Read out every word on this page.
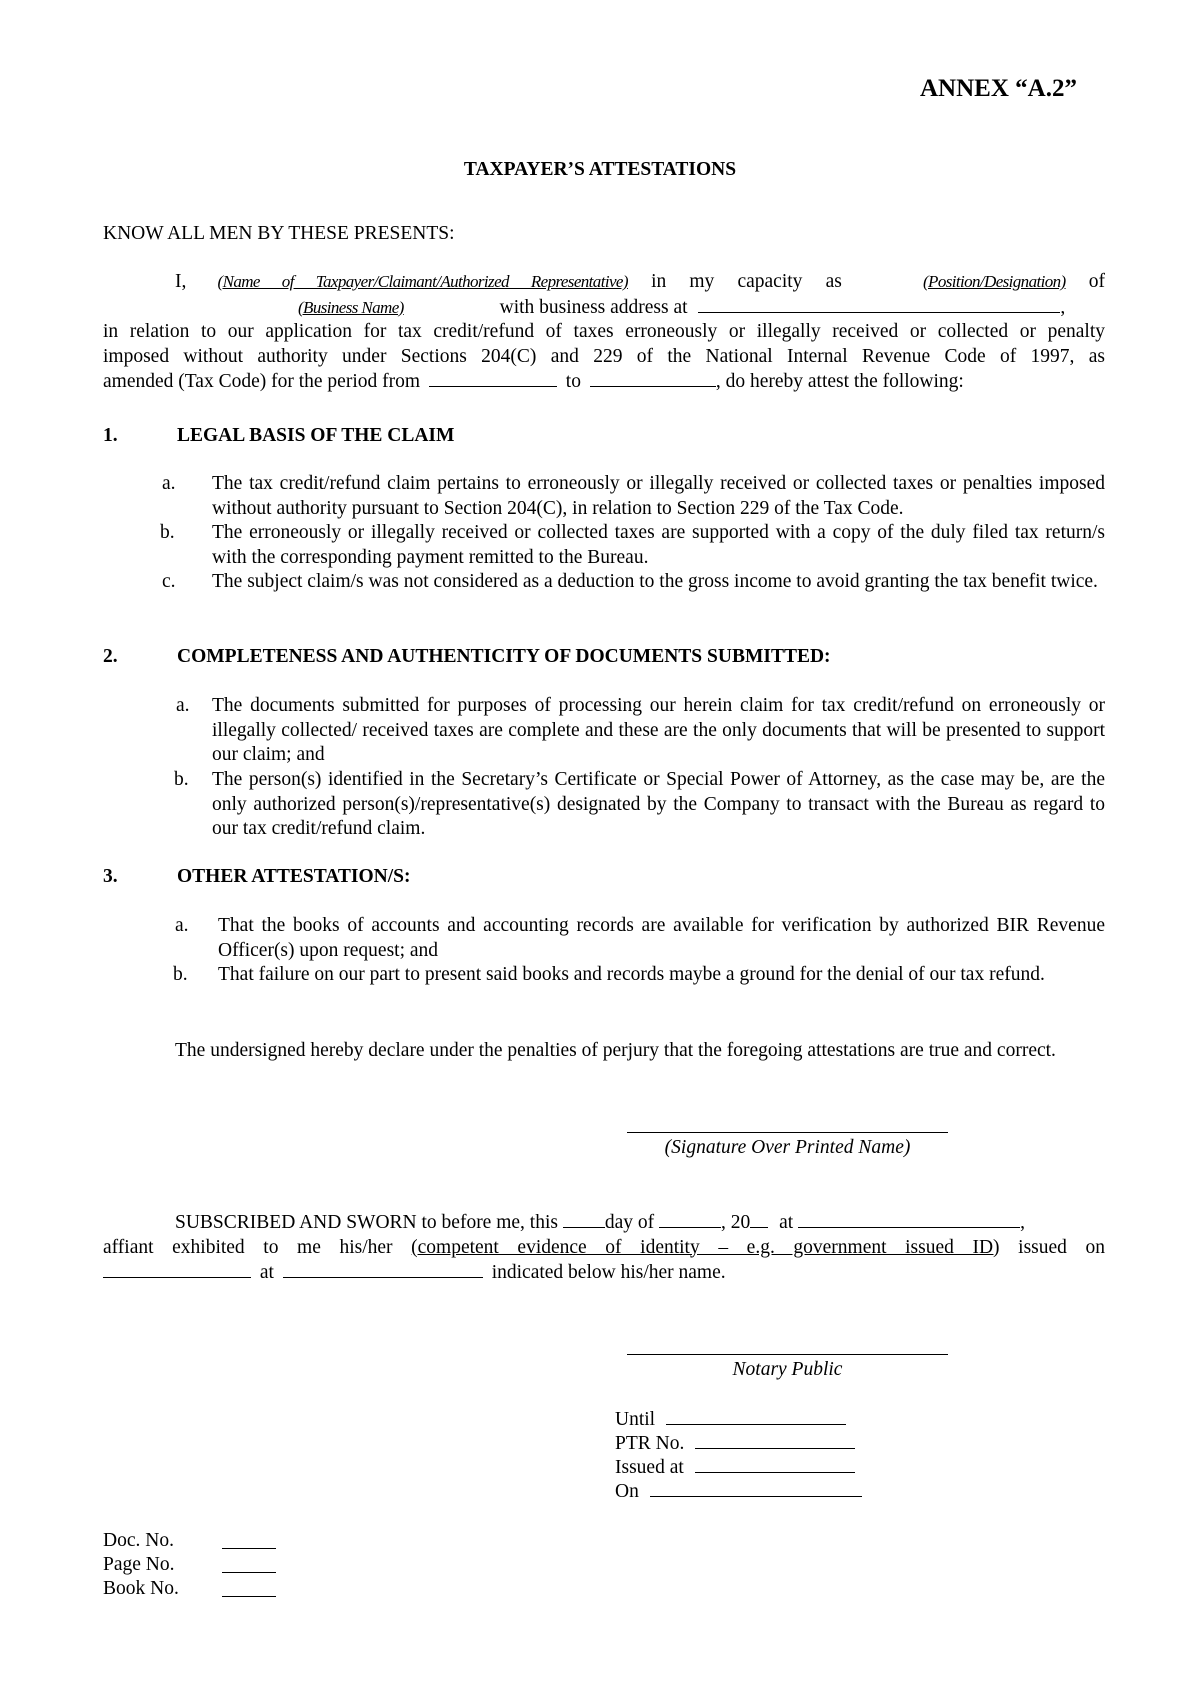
ANNEX “A.2”
TAXPAYER’S ATTESTATIONS
KNOW ALL MEN BY THESE PRESENTS:
I, (Name of Taxpayer/Claimant/Authorized Representative) in my capacity as	(Position/Designation) of
(Business Name)	with business address at	,
in relation to our application for tax credit/refund of taxes erroneously or illegally received or collected or penalty
imposed without authority under Sections 204(C) and 229 of the National Internal Revenue Code of 1997, as
amended (Tax Code) for the period from	to	, do hereby attest the following:
1.	LEGAL BASIS OF THE CLAIM
a. The tax credit/refund claim pertains to erroneously or illegally received or collected taxes or penalties imposed without authority pursuant to Section 204(C), in relation to Section 229 of the Tax Code.
b. The erroneously or illegally received or collected taxes are supported with a copy of the duly filed tax return/s with the corresponding payment remitted to the Bureau.
c. The subject claim/s was not considered as a deduction to the gross income to avoid granting the tax benefit twice.
2.	COMPLETENESS AND AUTHENTICITY OF DOCUMENTS SUBMITTED:
a. The documents submitted for purposes of processing our herein claim for tax credit/refund on erroneously or illegally collected/ received taxes are complete and these are the only documents that will be presented to support our claim; and
b. The person(s) identified in the Secretary’s Certificate or Special Power of Attorney, as the case may be, are the only authorized person(s)/representative(s) designated by the Company to transact with the Bureau as regard to our tax credit/refund claim.
3.	OTHER ATTESTATION/S:
a. That the books of accounts and accounting records are available for verification by authorized BIR Revenue Officer(s) upon request; and
b. That failure on our part to present said books and records maybe a ground for the denial of our tax refund.
The undersigned hereby declare under the penalties of perjury that the foregoing attestations are true and correct.
(Signature Over Printed Name)
SUBSCRIBED AND SWORN to before me, this day of	, 20 at	,
affiant exhibited to me his/her (competent evidence of identity – e.g. government issued ID) issued on
at	indicated below his/her name.
Notary Public
Until
PTR No.
Issued at
On
Doc. No.
Page No.
Book No.
